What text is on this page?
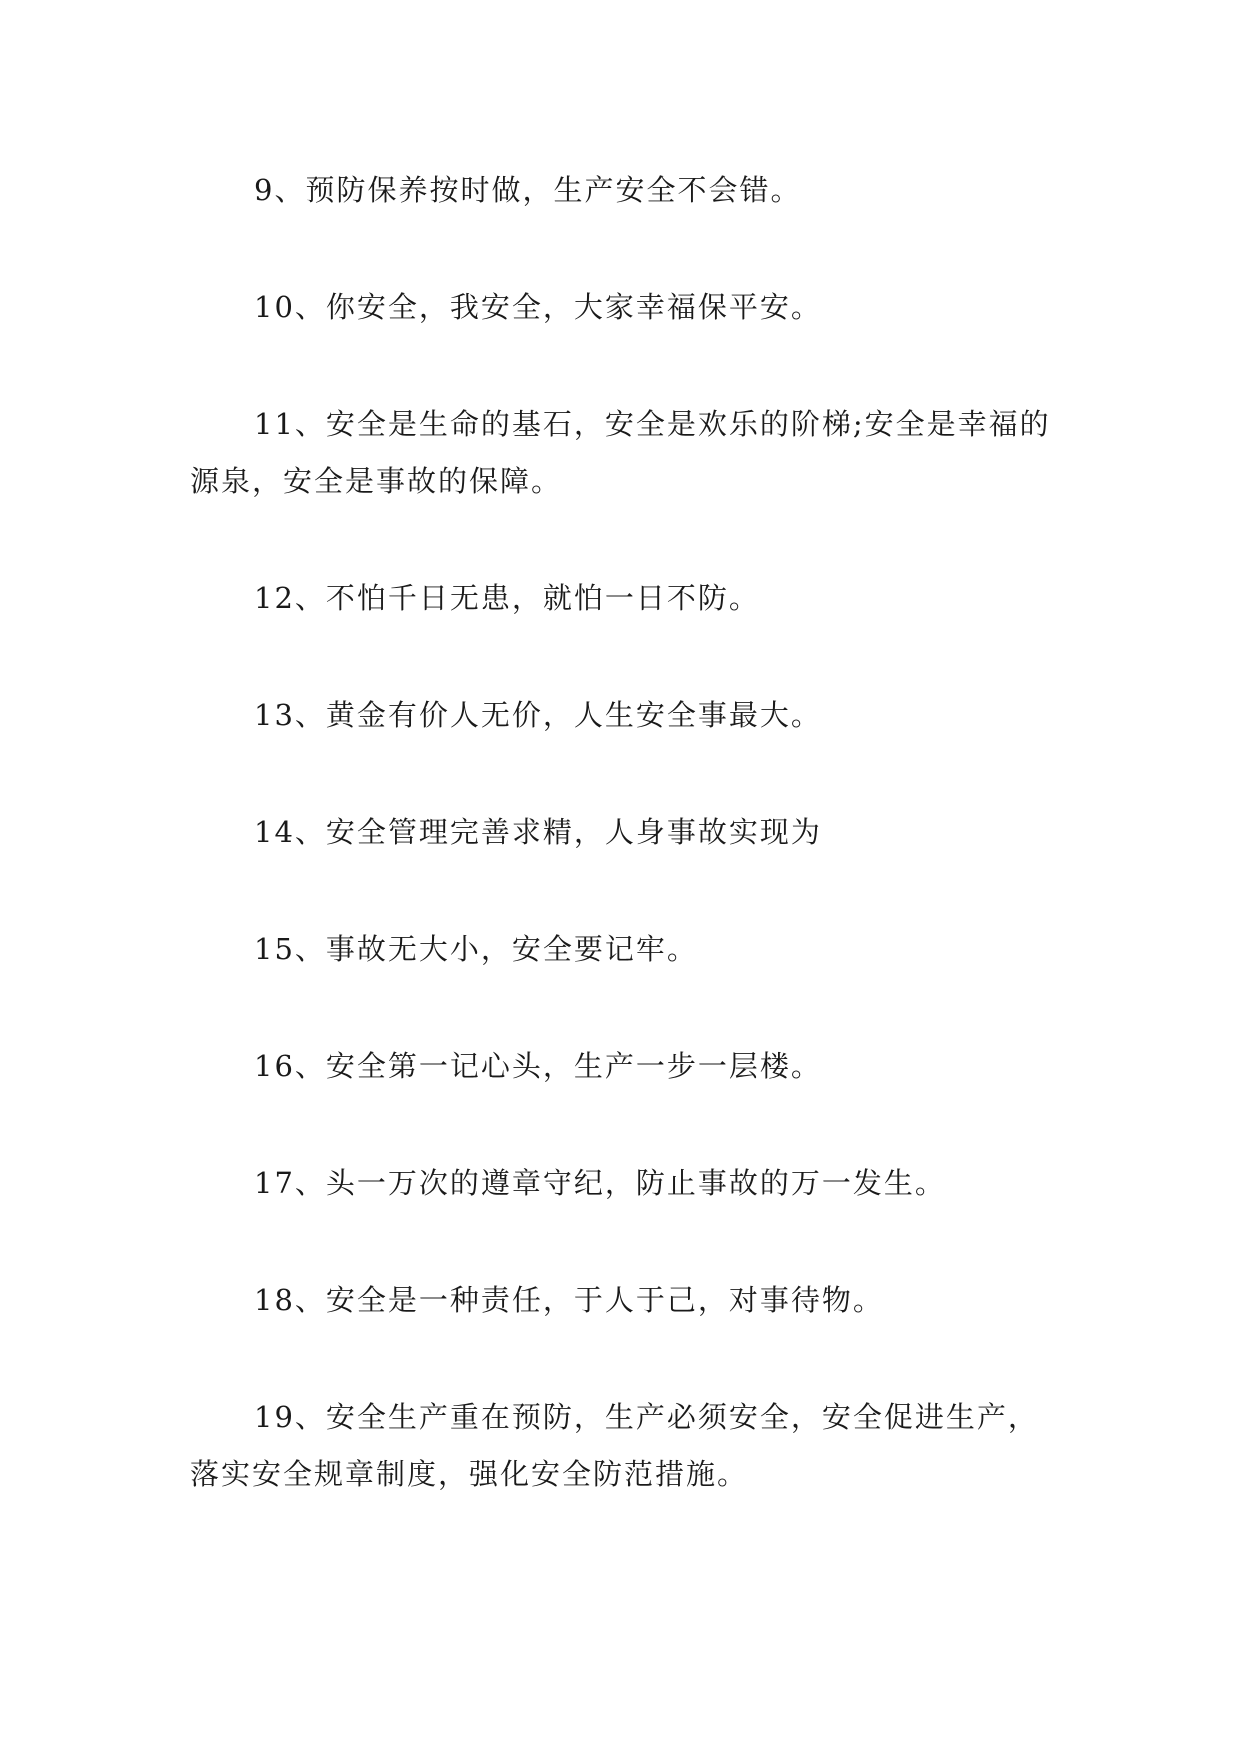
9、预防保养按时做，生产安全不会错。

10、你安全，我安全，大家幸福保平安。

11、安全是生命的基石，安全是欢乐的阶梯;安全是幸福的源泉，安全是事故的保障。

12、不怕千日无患，就怕一日不防。

13、黄金有价人无价，人生安全事最大。

14、安全管理完善求精，人身事故实现为

15、事故无大小，安全要记牢。

16、安全第一记心头，生产一步一层楼。

17、头一万次的遵章守纪，防止事故的万一发生。

18、安全是一种责任，于人于己，对事待物。

19、安全生产重在预防，生产必须安全，安全促进生产，落实安全规章制度，强化安全防范措施。
